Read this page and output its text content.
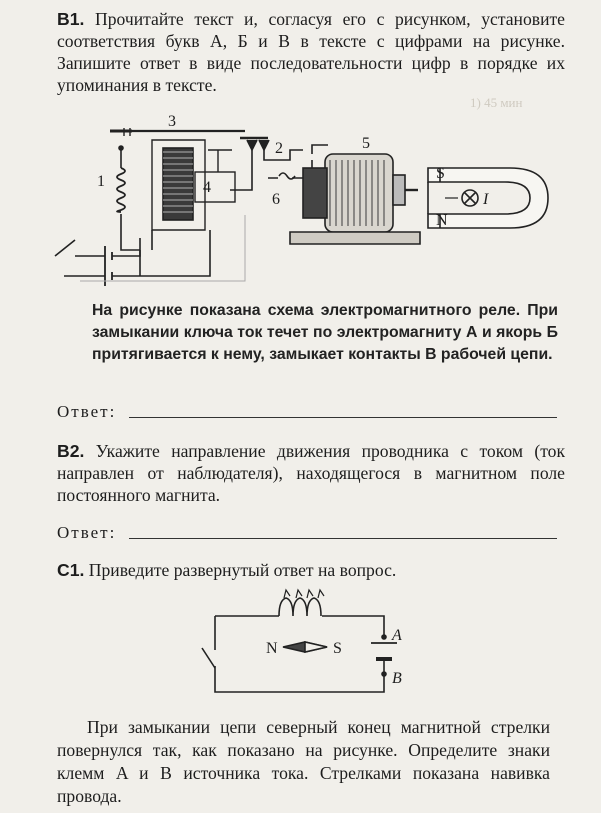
1) 45 мин
B1. Прочитайте текст и, согласуя его с рисунком, установите соответствия букв А, Б и В в тексте с цифрами на рисунке. Запишите ответ в виде последовательности цифр в порядке их упоминания в тексте.
1
2
3
4
5
6
S
N
I
На рисунке показана схема электромагнитного реле. При замыкании ключа ток течет по электромагниту А и якорь Б притягивается к нему, замыкает контакты В рабочей цепи.
Ответ:
B2. Укажите направление движения проводника с током (ток направлен от наблюдателя), находящегося в магнитном поле постоянного магнита.
Ответ:
C1. Приведите развернутый ответ на вопрос.
N	S
A
B
При замыкании цепи северный конец магнитной стрелки повернулся так, как показано на рисунке. Определите знаки клемм A и B источника тока. Стрелками показана навивка провода.
